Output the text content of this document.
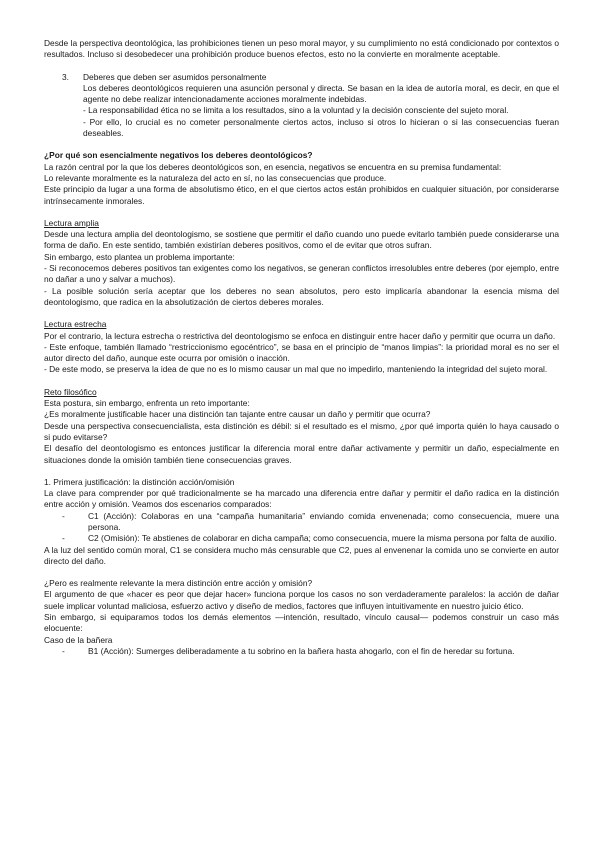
Desde la perspectiva deontológica, las prohibiciones tienen un peso moral mayor, y su cumplimiento no está condicionado por contextos o resultados. Incluso si desobedecer una prohibición produce buenos efectos, esto no la convierte en moralmente aceptable.

3.	Deberes que deben ser asumidos personalmente

Los deberes deontológicos requieren una asunción personal y directa. Se basan en la idea de autoría moral, es decir, en que el agente no debe realizar intencionadamente acciones moralmente indebidas.

- La responsabilidad ética no se limita a los resultados, sino a la voluntad y la decisión consciente del sujeto moral.

- Por ello, lo crucial es no cometer personalmente ciertos actos, incluso si otros lo hicieran o si las consecuencias fueran deseables.

¿Por qué son esencialmente negativos los deberes deontológicos?

La razón central por la que los deberes deontológicos son, en esencia, negativos se encuentra en su premisa fundamental:

Lo relevante moralmente es la naturaleza del acto en sí, no las consecuencias que produce.

Este principio da lugar a una forma de absolutismo ético, en el que ciertos actos están prohibidos en cualquier situación, por considerarse intrínsecamente inmorales.

Lectura amplia

Desde una lectura amplia del deontologismo, se sostiene que permitir el daño cuando uno puede evitarlo también puede considerarse una forma de daño. En este sentido, también existirían deberes positivos, como el de evitar que otros sufran.

Sin embargo, esto plantea un problema importante:

- Si reconocemos deberes positivos tan exigentes como los negativos, se generan conflictos irresolubles entre deberes (por ejemplo, entre no dañar a uno y salvar a muchos).

- La posible solución sería aceptar que los deberes no sean absolutos, pero esto implicaría abandonar la esencia misma del deontologismo, que radica en la absolutización de ciertos deberes morales.

Lectura estrecha

Por el contrario, la lectura estrecha o restrictiva del deontologismo se enfoca en distinguir entre hacer daño y permitir que ocurra un daño.

- Este enfoque, también llamado “restriccionismo egocéntrico”, se basa en el principio de “manos limpias”: la prioridad moral es no ser el autor directo del daño, aunque este ocurra por omisión o inacción.

- De este modo, se preserva la idea de que no es lo mismo causar un mal que no impedirlo, manteniendo la integridad del sujeto moral.

Reto filosófico

Esta postura, sin embargo, enfrenta un reto importante:

¿Es moralmente justificable hacer una distinción tan tajante entre causar un daño y permitir que ocurra?

Desde una perspectiva consecuencialista, esta distinción es débil: si el resultado es el mismo, ¿por qué importa quién lo haya causado o si pudo evitarse?

El desafío del deontologismo es entonces justificar la diferencia moral entre dañar activamente y permitir un daño, especialmente en situaciones donde la omisión también tiene consecuencias graves.

1. Primera justificación: la distinción acción/omisión

La clave para comprender por qué tradicionalmente se ha marcado una diferencia entre dañar y permitir el daño radica en la distinción entre acción y omisión. Veamos dos escenarios comparados:

-	C1 (Acción): Colaboras en una “campaña humanitaria” enviando comida envenenada; como consecuencia, muere una persona.
-	C2 (Omisión): Te abstienes de colaborar en dicha campaña; como consecuencia, muere la misma persona por falta de auxilio.

A la luz del sentido común moral, C1 se considera mucho más censurable que C2, pues al envenenar la comida uno se convierte en autor directo del daño.

¿Pero es realmente relevante la mera distinción entre acción y omisión?

El argumento de que «hacer es peor que dejar hacer» funciona porque los casos no son verdaderamente paralelos: la acción de dañar suele implicar voluntad maliciosa, esfuerzo activo y diseño de medios, factores que influyen intuitivamente en nuestro juicio ético.

Sin embargo, si equiparamos todos los demás elementos —intención, resultado, vínculo causal— podemos construir un caso más elocuente:

Caso de la bañera

-	B1 (Acción): Sumerges deliberadamente a tu sobrino en la bañera hasta ahogarlo, con el fin de heredar su fortuna.
